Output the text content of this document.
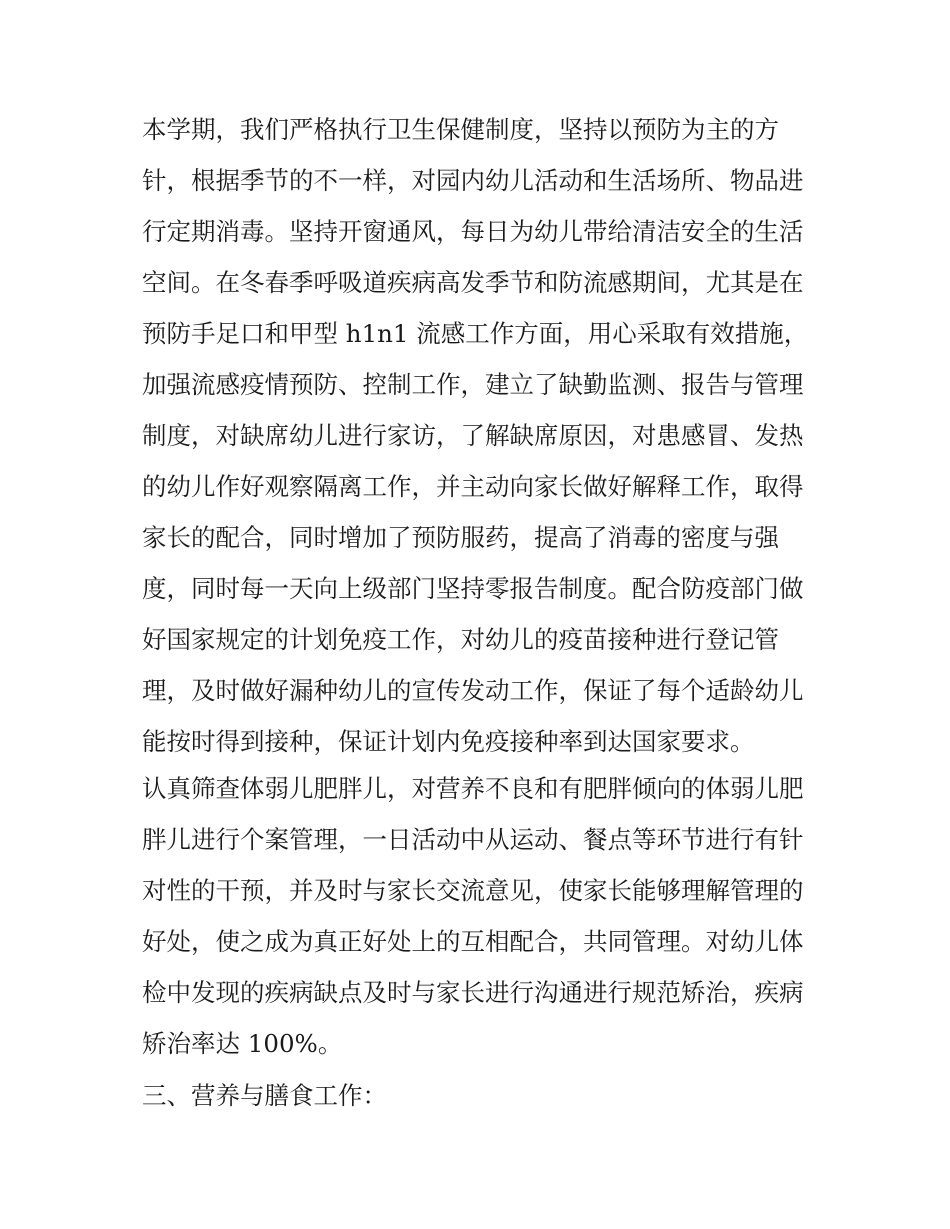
本学期，我们严格执行卫生保健制度，坚持以预防为主的方
针，根据季节的不一样，对园内幼儿活动和生活场所、物品进
行定期消毒。坚持开窗通风，每日为幼儿带给清洁安全的生活
空间。在冬春季呼吸道疾病高发季节和防流感期间，尤其是在
预防手足口和甲型 h1n1 流感工作方面，用心采取有效措施，
加强流感疫情预防、控制工作，建立了缺勤监测、报告与管理
制度，对缺席幼儿进行家访，了解缺席原因，对患感冒、发热
的幼儿作好观察隔离工作，并主动向家长做好解释工作，取得
家长的配合，同时增加了预防服药，提高了消毒的密度与强
度，同时每一天向上级部门坚持零报告制度。配合防疫部门做
好国家规定的计划免疫工作，对幼儿的疫苗接种进行登记管
理，及时做好漏种幼儿的宣传发动工作，保证了每个适龄幼儿
能按时得到接种，保证计划内免疫接种率到达国家要求。
认真筛查体弱儿肥胖儿，对营养不良和有肥胖倾向的体弱儿肥
胖儿进行个案管理，一日活动中从运动、餐点等环节进行有针
对性的干预，并及时与家长交流意见，使家长能够理解管理的
好处，使之成为真正好处上的互相配合，共同管理。对幼儿体
检中发现的疾病缺点及时与家长进行沟通进行规范矫治，疾病
矫治率达 100%。
三、营养与膳食工作：
